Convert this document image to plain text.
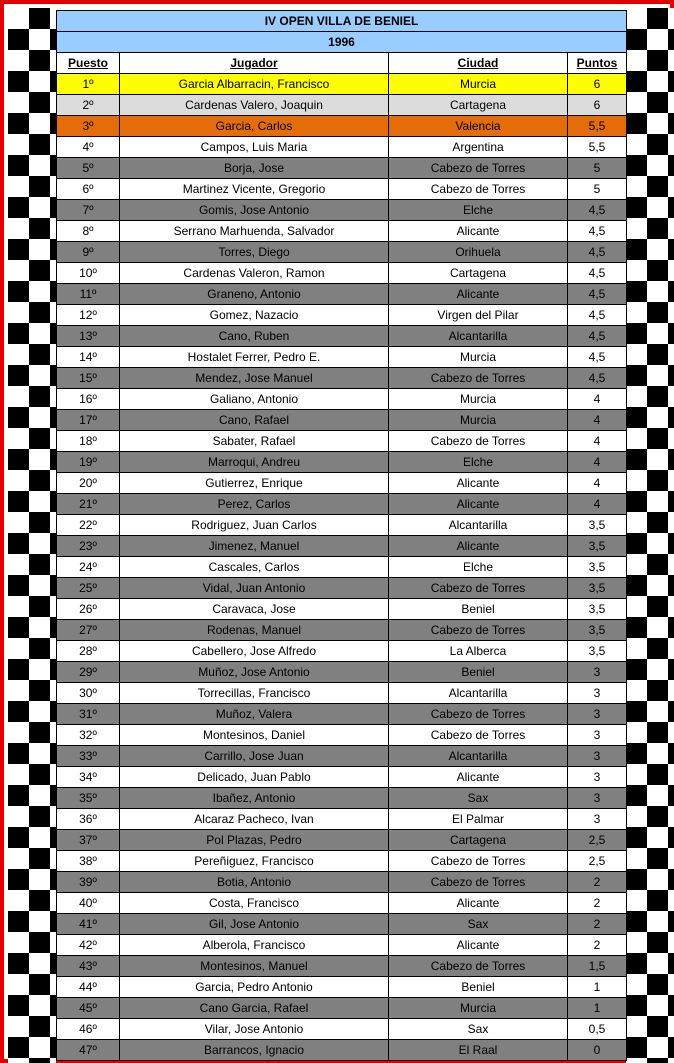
IV OPEN VILLA DE BENIEL			
1996			
Puesto	Jugador	Ciudad	Puntos
1º	Garcia Albarracin, Francisco	Murcia	6
2º	Cardenas Valero, Joaquin	Cartagena	6
3º	Garcia, Carlos	Valencia	5,5
4º	Campos, Luis Maria	Argentina	5,5
5º	Borja, Jose	Cabezo de Torres	5
6º	Martinez Vicente, Gregorio	Cabezo de Torres	5
7º	Gomis, Jose Antonio	Elche	4,5
8º	Serrano Marhuenda, Salvador	Alicante	4,5
9º	Torres, Diego	Orihuela	4,5
10º	Cardenas Valeron, Ramon	Cartagena	4,5
11º	Graneno, Antonio	Alicante	4,5
12º	Gomez, Nazacio	Virgen del Pilar	4,5
13º	Cano, Ruben	Alcantarilla	4,5
14º	Hostalet Ferrer, Pedro E.	Murcia	4,5
15º	Mendez, Jose Manuel	Cabezo de Torres	4,5
16º	Galiano, Antonio	Murcia	4
17º	Cano, Rafael	Murcia	4
18º	Sabater, Rafael	Cabezo de Torres	4
19º	Marroqui, Andreu	Elche	4
20º	Gutierrez, Enrique	Alicante	4
21º	Perez, Carlos	Alicante	4
22º	Rodriguez, Juan Carlos	Alcantarilla	3,5
23º	Jimenez, Manuel	Alicante	3,5
24º	Cascales, Carlos	Elche	3,5
25º	Vidal, Juan Antonio	Cabezo de Torres	3,5
26º	Caravaca, Jose	Beniel	3,5
27º	Rodenas, Manuel	Cabezo de Torres	3,5
28º	Cabellero, Jose Alfredo	La Alberca	3,5
29º	Muñoz, Jose Antonio	Beniel	3
30º	Torrecillas, Francisco	Alcantarilla	3
31º	Muñoz, Valera	Cabezo de Torres	3
32º	Montesinos, Daniel	Cabezo de Torres	3
33º	Carrillo, Jose Juan	Alcantarilla	3
34º	Delicado, Juan Pablo	Alicante	3
35º	Ibañez, Antonio	Sax	3
36º	Alcaraz Pacheco, Ivan	El Palmar	3
37º	Pol Plazas, Pedro	Cartagena	2,5
38º	Pereñiguez, Francisco	Cabezo de Torres	2,5
39º	Botia, Antonio	Cabezo de Torres	2
40º	Costa, Francisco	Alicante	2
41º	Gil, Jose Antonio	Sax	2
42º	Alberola, Francisco	Alicante	2
43º	Montesinos, Manuel	Cabezo de Torres	1,5
44º	Garcia, Pedro Antonio	Beniel	1
45º	Cano Garcia, Rafael	Murcia	1
46º	Vilar, Jose Antonio	Sax	0,5
47º	Barrancos, Ignacio	El Raal	0
